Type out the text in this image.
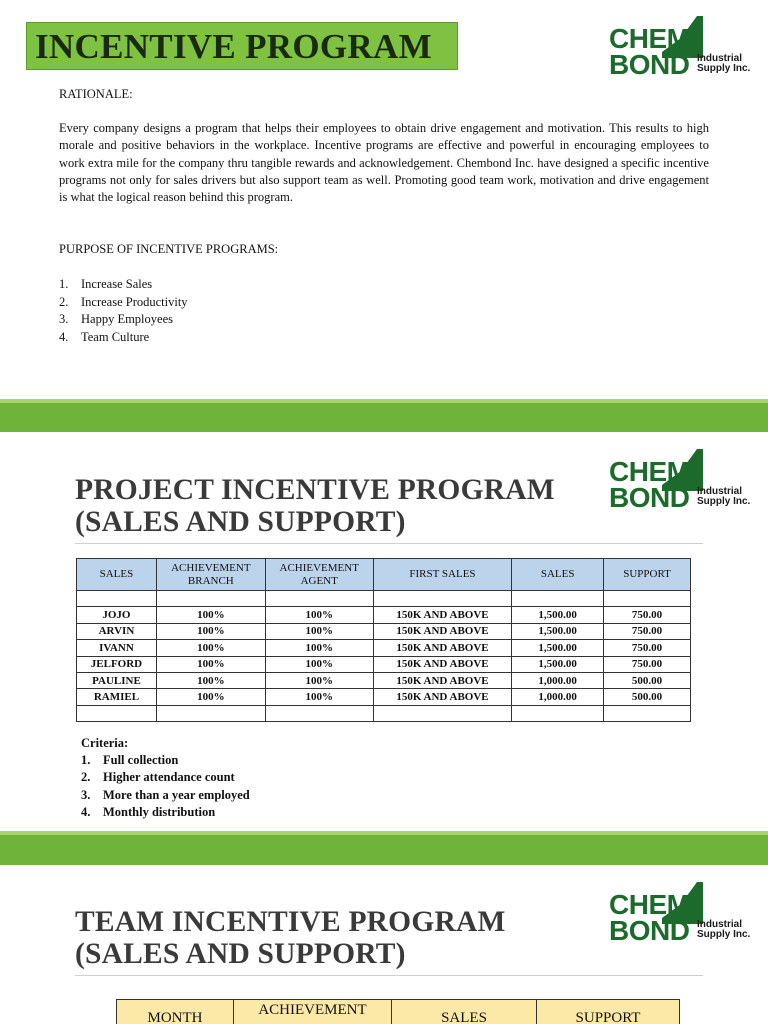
INCENTIVE PROGRAM	CHEM
BOND Industrial
Supply Inc.
RATIONALE:
Every company designs a program that helps their employees to obtain drive engagement and motivation. This results to high morale and positive behaviors in the workplace. Incentive programs are effective and powerful in encouraging employees to work extra mile for the company thru tangible rewards and acknowledgement. Chembond Inc. have designed a specific incentive programs not only for sales drivers but also support team as well. Promoting good team work, motivation and drive engagement is what the logical reason behind this program.
PURPOSE OF INCENTIVE PROGRAMS:
1. Increase Sales
2. Increase Productivity
3. Happy Employees
4. Team Culture
PROJECT INCENTIVE PROGRAM
(SALES AND SUPPORT)
CHEM
BOND Industrial
Supply Inc.
SALES	ACHIEVEMENT BRANCH	ACHIEVEMENT AGENT	FIRST SALES	SALES	SUPPORT

JOJO	100%	100%	150K AND ABOVE	1,500.00	750.00
ARVIN	100%	100%	150K AND ABOVE	1,500.00	750.00
IVANN	100%	100%	150K AND ABOVE	1,500.00	750.00
JELFORD	100%	100%	150K AND ABOVE	1,500.00	750.00
PAULINE	100%	100%	150K AND ABOVE	1,000.00	500.00
RAMIEL	100%	100%	150K AND ABOVE	1,000.00	500.00

Criteria:
1. Full collection
2. Higher attendance count
3. More than a year employed
4. Monthly distribution
TEAM INCENTIVE PROGRAM
(SALES AND SUPPORT)
CHEM
BOND Industrial
Supply Inc.
MONTH	ACHIEVEMENT	SALES	SUPPORT
